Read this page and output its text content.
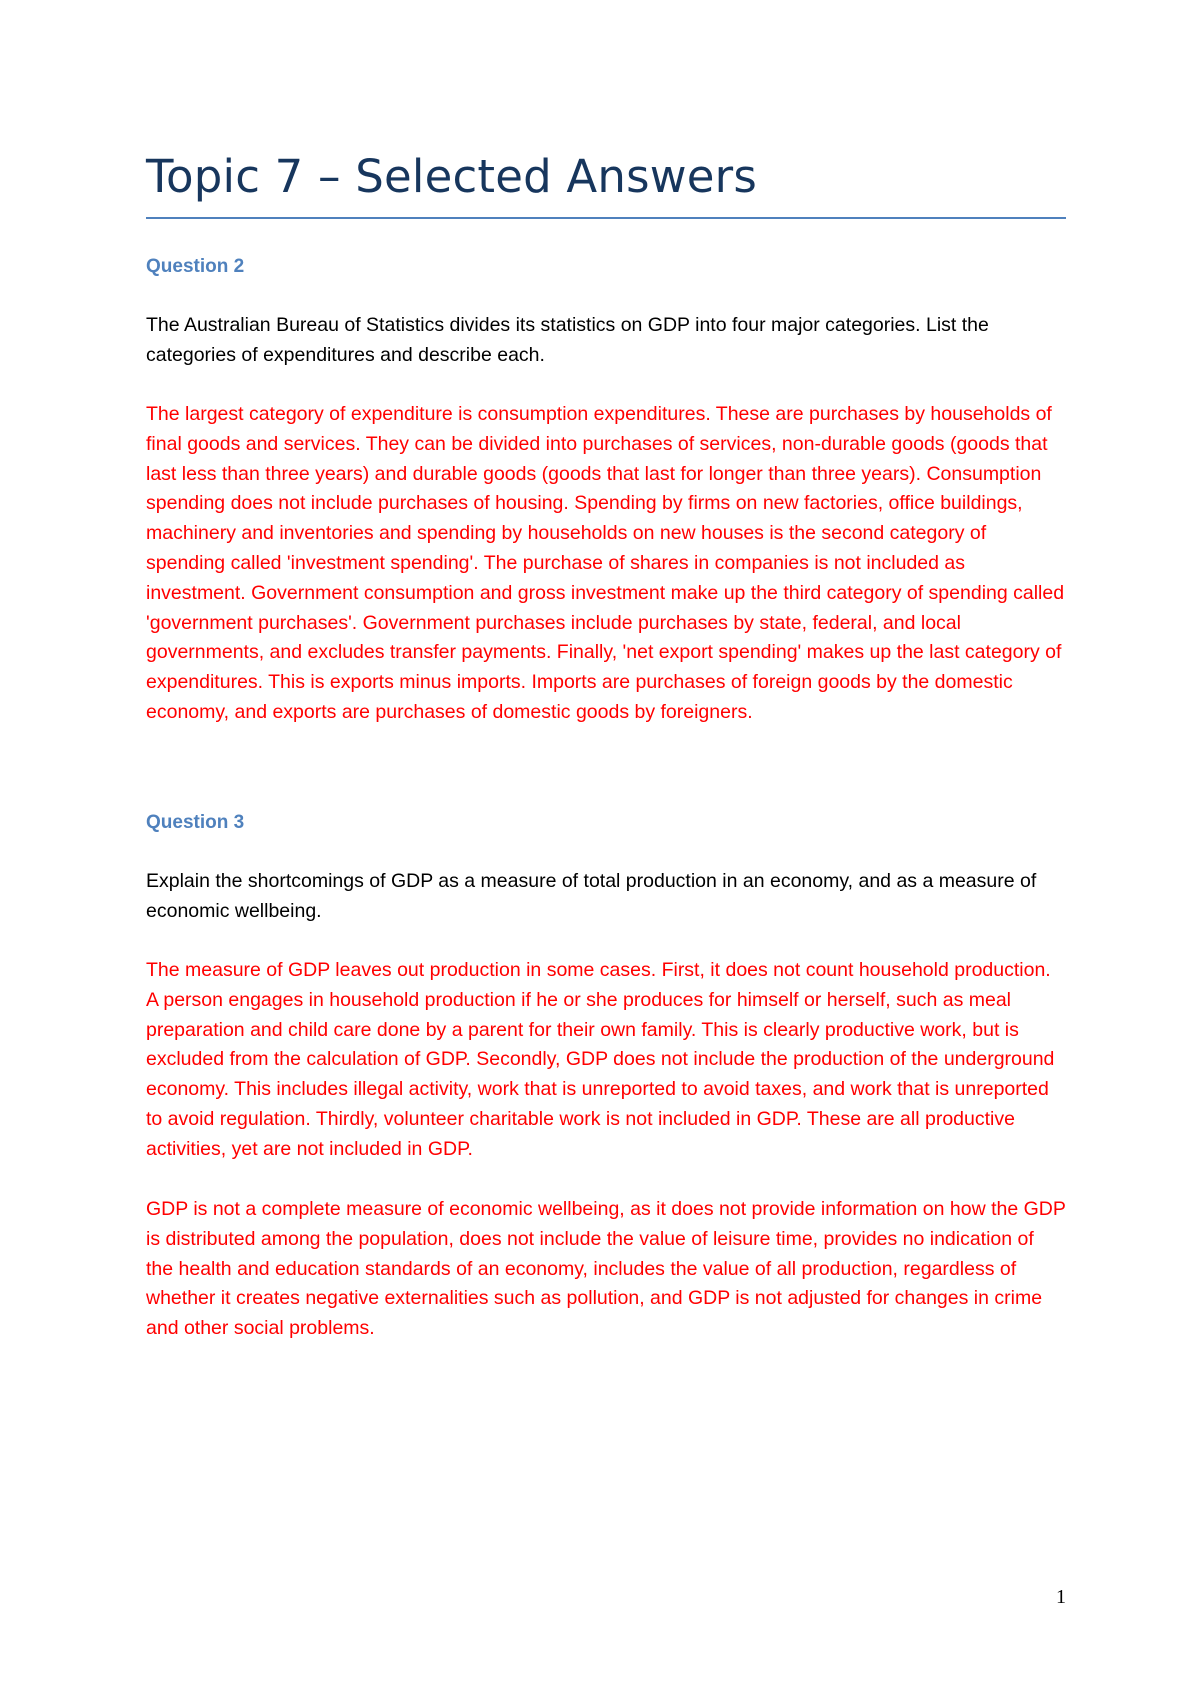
Topic 7 – Selected Answers
Question 2

The Australian Bureau of Statistics divides its statistics on GDP into four major categories. List the categories of expenditures and describe each.

The largest category of expenditure is consumption expenditures. These are purchases by households of final goods and services. They can be divided into purchases of services, non-durable goods (goods that last less than three years) and durable goods (goods that last for longer than three years). Consumption spending does not include purchases of housing. Spending by firms on new factories, office buildings, machinery and inventories and spending by households on new houses is the second category of spending called 'investment spending'. The purchase of shares in companies is not included as investment. Government consumption and gross investment make up the third category of spending called 'government purchases'. Government purchases include purchases by state, federal, and local governments, and excludes transfer payments. Finally, 'net export spending' makes up the last category of expenditures. This is exports minus imports. Imports are purchases of foreign goods by the domestic economy, and exports are purchases of domestic goods by foreigners.

Question 3

Explain the shortcomings of GDP as a measure of total production in an economy, and as a measure of economic wellbeing.

The measure of GDP leaves out production in some cases. First, it does not count household production. A person engages in household production if he or she produces for himself or herself, such as meal preparation and child care done by a parent for their own family. This is clearly productive work, but is excluded from the calculation of GDP. Secondly, GDP does not include the production of the underground economy. This includes illegal activity, work that is unreported to avoid taxes, and work that is unreported to avoid regulation. Thirdly, volunteer charitable work is not included in GDP. These are all productive activities, yet are not included in GDP.

GDP is not a complete measure of economic wellbeing, as it does not provide information on how the GDP is distributed among the population, does not include the value of leisure time, provides no indication of the health and education standards of an economy, includes the value of all production, regardless of whether it creates negative externalities such as pollution, and GDP is not adjusted for changes in crime and other social problems.

1
